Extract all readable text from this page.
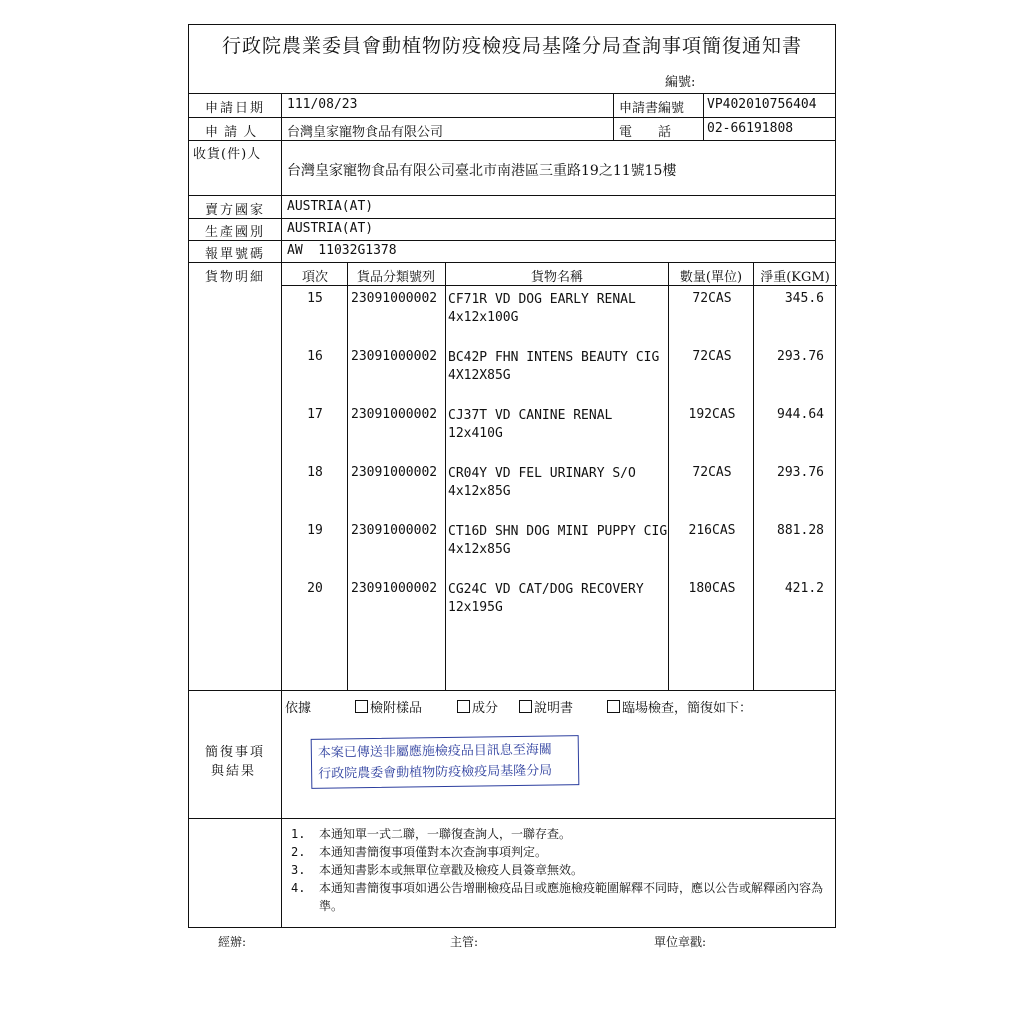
行政院農業委員會動植物防疫檢疫局基隆分局查詢事項簡復通知書
編號:
申請日期 111/08/23	申請書編號 VP402010756404
申 請 人 台灣皇家寵物食品有限公司	電　　話	02-66191808
收貨(件)人
台灣皇家寵物食品有限公司臺北市南港區三重路19之11號15樓
賣方國家 AUSTRIA(AT)
生產國別 AUSTRIA(AT)
報單號碼 AW  11032G1378
貨物明細	項次	貨品分類號列	貨物名稱	數量(單位)	淨重(KGM)
15	23091000002 CF71R VD DOG EARLY RENAL
4x12x100G
72CAS	345.6
16	23091000002 BC42P FHN INTENS BEAUTY CIG
4X12X85G
72CAS	293.76
17	23091000002 CJ37T VD CANINE RENAL
12x410G
192CAS	944.64
18	23091000002 CR04Y VD FEL URINARY S/O
4x12x85G
72CAS	293.76
19	23091000002 CT16D SHN DOG MINI PUPPY CIG
4x12x85G
216CAS	881.28
20	23091000002 CG24C VD CAT/DOG RECOVERY
12x195G
180CAS	421.2
簡復事項
與結果
依據	檢附樣品	成分	說明書	臨場檢查，簡復如下：
本案已傳送非屬應施檢疫品目訊息至海關
行政院農委會動植物防疫檢疫局基隆分局
1. 本通知單一式二聯，一聯復查詢人，一聯存查。
2. 本通知書簡復事項僅對本次查詢事項判定。
3. 本通知書影本或無單位章戳及檢疫人員簽章無效。
4. 本通知書簡復事項如遇公告增刪檢疫品目或應施檢疫範圍解釋不同時，應以公告或解釋函內容為準。
經辦:	主管:	單位章戳:
